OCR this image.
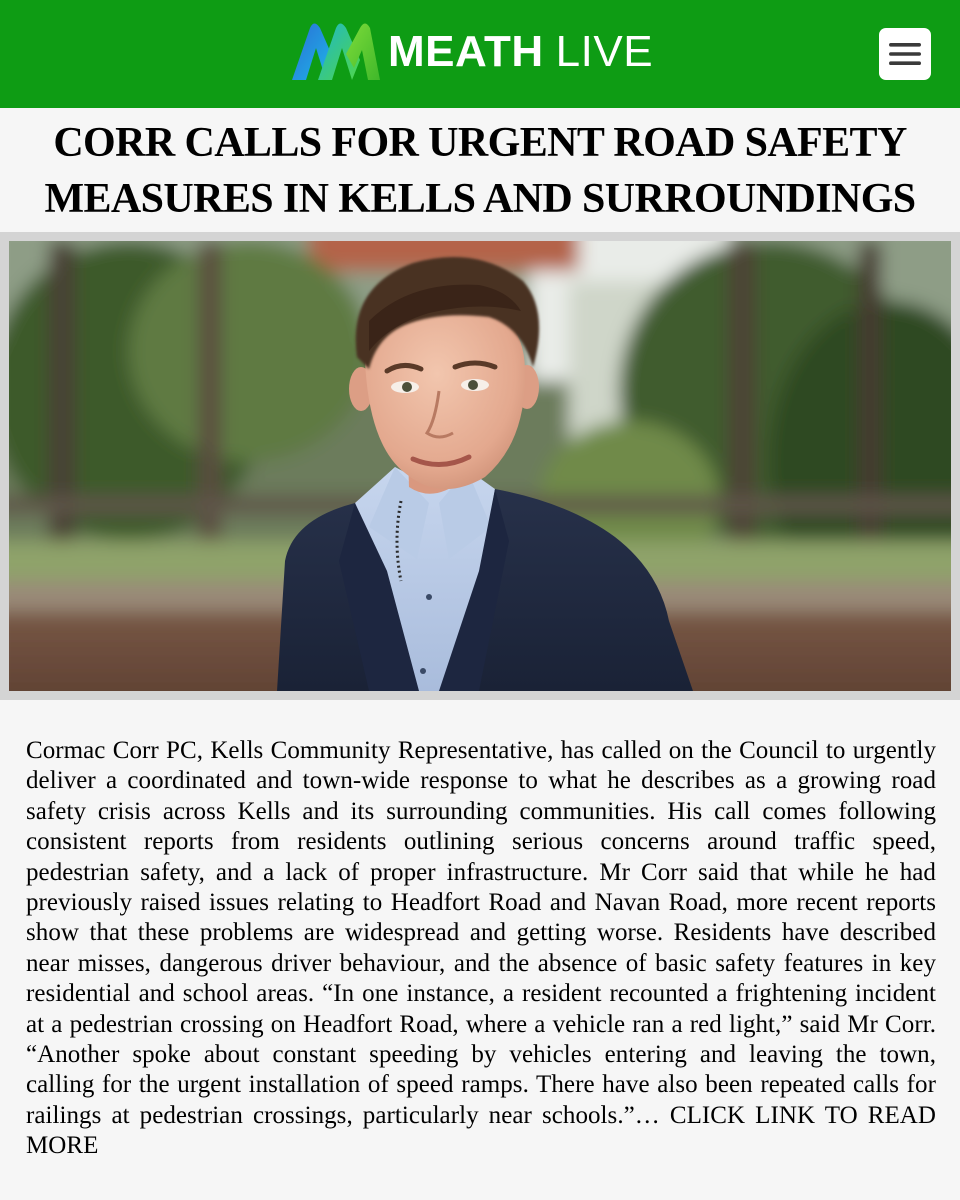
MEATH LIVE
CORR CALLS FOR URGENT ROAD SAFETY MEASURES IN KELLS AND SURROUNDINGS
Cormac Corr PC, Kells Community Representative, has called on the Council to urgently deliver a coordinated and town-wide response to what he describes as a growing road safety crisis across Kells and its surrounding communities. His call comes following consistent reports from residents outlining serious concerns around traffic speed, pedestrian safety, and a lack of proper infrastructure. Mr Corr said that while he had previously raised issues relating to Headfort Road and Navan Road, more recent reports show that these problems are widespread and getting worse. Residents have described near misses, dangerous driver behaviour, and the absence of basic safety features in key residential and school areas. “In one instance, a resident recounted a frightening incident at a pedestrian crossing on Headfort Road, where a vehicle ran a red light,” said Mr Corr. “Another spoke about constant speeding by vehicles entering and leaving the town, calling for the urgent installation of speed ramps. There have also been repeated calls for railings at pedestrian crossings, particularly near schools.”… CLICK LINK TO READ MORE
